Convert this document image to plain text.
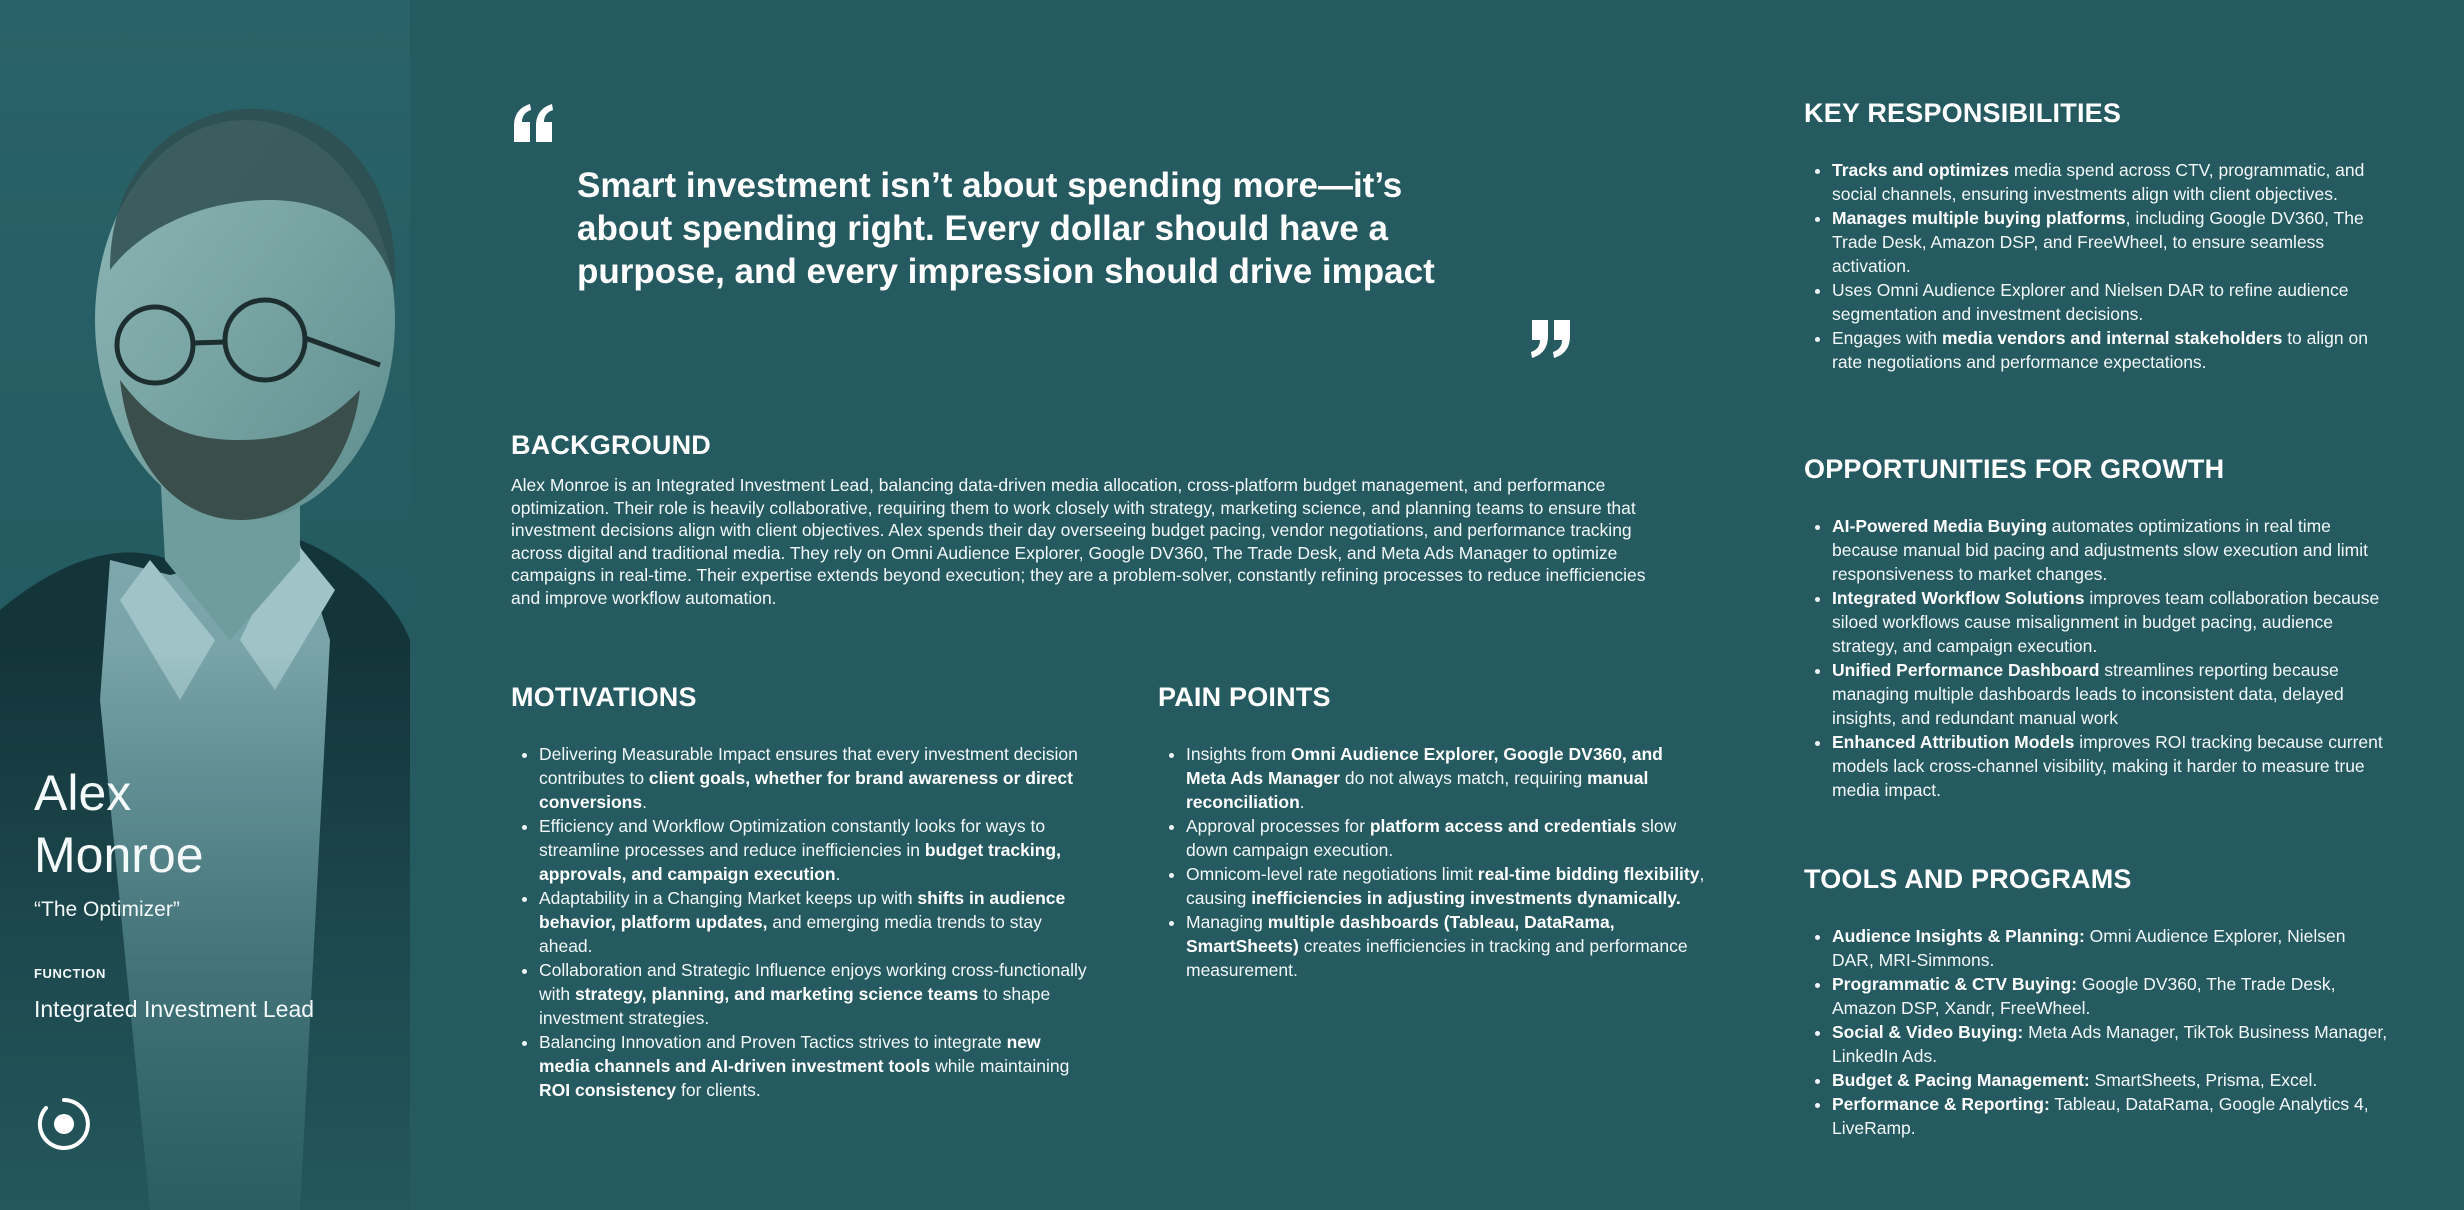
Alex
Monroe

“The Optimizer”

FUNCTION

Integrated Investment Lead

Smart investment isn’t about spending more—it’s about spending right. Every dollar should have a purpose, and every impression should drive impact

BACKGROUND

Alex Monroe is an Integrated Investment Lead, balancing data-driven media allocation, cross-platform budget management, and performance optimization. Their role is heavily collaborative, requiring them to work closely with strategy, marketing science, and planning teams to ensure that investment decisions align with client objectives. Alex spends their day overseeing budget pacing, vendor negotiations, and performance tracking across digital and traditional media. They rely on Omni Audience Explorer, Google DV360, The Trade Desk, and Meta Ads Manager to optimize campaigns in real-time. Their expertise extends beyond execution; they are a problem-solver, constantly refining processes to reduce inefficiencies and improve workflow automation.

MOTIVATIONS
• Delivering Measurable Impact ensures that every investment decision contributes to client goals, whether for brand awareness or direct conversions.
• Efficiency and Workflow Optimization constantly looks for ways to streamline processes and reduce inefficiencies in budget tracking, approvals, and campaign execution.
• Adaptability in a Changing Market keeps up with shifts in audience behavior, platform updates, and emerging media trends to stay ahead.
• Collaboration and Strategic Influence enjoys working cross-functionally with strategy, planning, and marketing science teams to shape investment strategies.
• Balancing Innovation and Proven Tactics strives to integrate new media channels and AI-driven investment tools while maintaining ROI consistency for clients.
PAIN POINTS
• Insights from Omni Audience Explorer, Google DV360, and Meta Ads Manager do not always match, requiring manual reconciliation.
• Approval processes for platform access and credentials slow down campaign execution.
• Omnicom-level rate negotiations limit real-time bidding flexibility, causing inefficiencies in adjusting investments dynamically.
• Managing multiple dashboards (Tableau, DataRama, SmartSheets) creates inefficiencies in tracking and performance measurement.
KEY RESPONSIBILITIES
• Tracks and optimizes media spend across CTV, programmatic, and social channels, ensuring investments align with client objectives.
• Manages multiple buying platforms, including Google DV360, The Trade Desk, Amazon DSP, and FreeWheel, to ensure seamless activation.
• Uses Omni Audience Explorer and Nielsen DAR to refine audience segmentation and investment decisions.
• Engages with media vendors and internal stakeholders to align on rate negotiations and performance expectations.
OPPORTUNITIES FOR GROWTH
• AI-Powered Media Buying automates optimizations in real time because manual bid pacing and adjustments slow execution and limit responsiveness to market changes.
• Integrated Workflow Solutions improves team collaboration because siloed workflows cause misalignment in budget pacing, audience strategy, and campaign execution.
• Unified Performance Dashboard streamlines reporting because managing multiple dashboards leads to inconsistent data, delayed insights, and redundant manual work
• Enhanced Attribution Models improves ROI tracking because current models lack cross-channel visibility, making it harder to measure true media impact.
TOOLS AND PROGRAMS
• Audience Insights & Planning: Omni Audience Explorer, Nielsen DAR, MRI-Simmons.
• Programmatic & CTV Buying: Google DV360, The Trade Desk, Amazon DSP, Xandr, FreeWheel.
• Social & Video Buying: Meta Ads Manager, TikTok Business Manager, LinkedIn Ads.
• Budget & Pacing Management: SmartSheets, Prisma, Excel.
• Performance & Reporting: Tableau, DataRama, Google Analytics 4, LiveRamp.
